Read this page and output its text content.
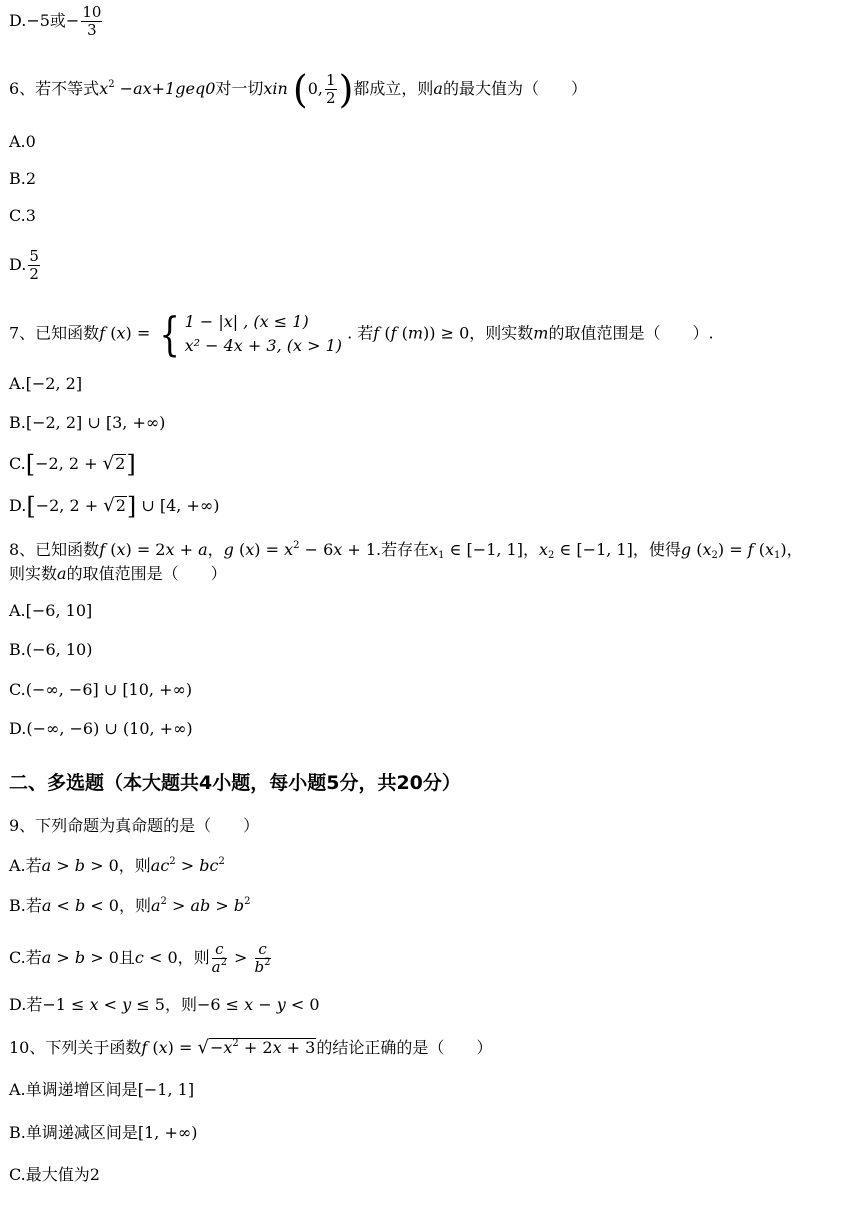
D.−5或− $\frac{10}{3}$
6、若不等式$x^2 -ax+1geq0$对一切xin (0, $\frac{1}{2}$ )都成立，则a的最大值为（　　）
A.0
B.2
C.3
D. $\frac{5}{2}$
7、已知函数f (x) = { 1 − |x| , (x ≤ 1)
x² − 4x + 3, (x > 1)
. 若f (f (m)) ≥ 0，则实数m的取值范围是（　　）.
A.[−2, 2]
B.[−2, 2] ∪ [3, +∞)
C.[−2, 2 + √2]
D.[−2, 2 + √2] ∪ [4, +∞)
8、已知函数f (x) = 2x + a，g $(x) = x^2 - 6x + 1$.若存在$x_1$ ∈ [−1, 1]，$x_2$ ∈ [−1, 1]，使得g $(x_2) = f$ $(x_1)$，
则实数a的取值范围是（　　）
A.[−6, 10]
B.(−6, 10)
C.(−∞, −6] ∪ [10, +∞)
D.(−∞, −6) ∪ (10, +∞)
二、多选题（本大题共4小题，每小题5分，共20分）
9、下列命题为真命题的是（　　）
A.若a > b > 0，则$ac^2 > bc^2$
B.若a < b < 0，则$a^2$ > ab > $b^2$
C.若a > b > 0且c < 0，则 $\frac{c}{a^2} > \frac{c}{b^2}$
D.若−1 ≤ x < y ≤ 5，则−6 ≤ x − y < 0
10、下列关于函数f $(x) = √-x^2 + 2x + 3$的结论正确的是（　　）
A.单调递增区间是[−1, 1]
B.单调递减区间是[1, +∞)
C.最大值为2
